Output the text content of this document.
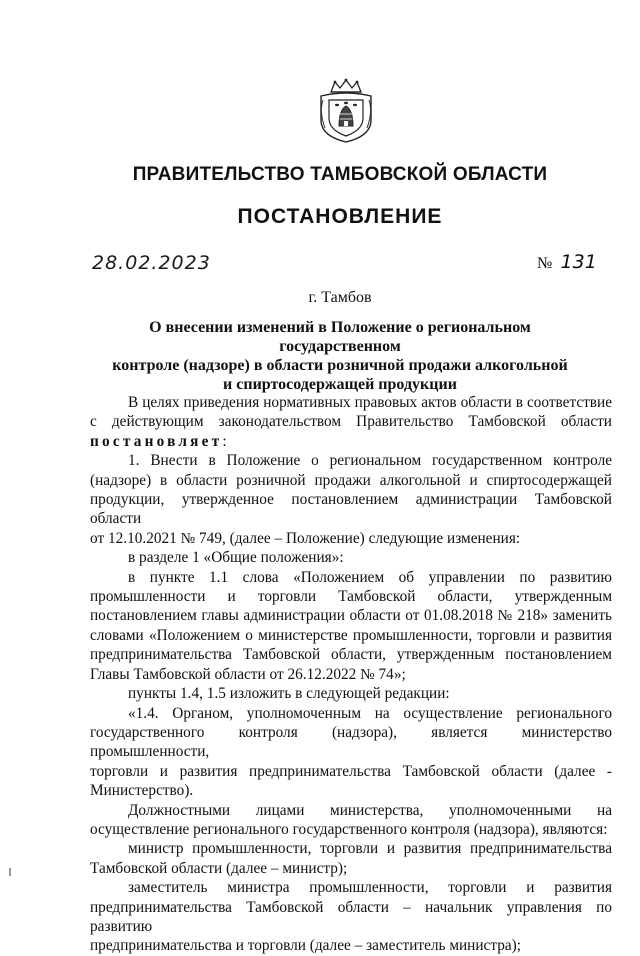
ПРАВИТЕЛЬСТВО ТАМБОВСКОЙ ОБЛАСТИ
ПОСТАНОВЛЕНИЕ
28.02.2023	№ 131
г. Тамбов
О внесении изменений в Положение о региональном государственном
контроле (надзоре) в области розничной продажи алкогольной
и спиртосодержащей продукции

В целях приведения нормативных правовых актов области в соответствие

с действующим законодательством Правительство Тамбовской области

постановляет:

1. Внести в Положение о региональном государственном контроле

(надзоре) в области розничной продажи алкогольной и спиртосодержащей

продукции, утвержденное постановлением администрации Тамбовской области

от 12.10.2021 № 749, (далее – Положение) следующие изменения:

в разделе 1 «Общие положения»:

в пункте 1.1 слова «Положением об управлении по развитию

промышленности и торговли Тамбовской области, утвержденным

постановлением главы администрации области от 01.08.2018 № 218» заменить

словами «Положением о министерстве промышленности, торговли и развития

предпринимательства Тамбовской области, утвержденным постановлением

Главы Тамбовской области от 26.12.2022 № 74»;

пункты 1.4, 1.5 изложить в следующей редакции:

«1.4. Органом, уполномоченным на осуществление регионального

государственного контроля (надзора), является министерство промышленности,

торговли и развития предпринимательства Тамбовской области (далее -

Министерство).

Должностными лицами министерства, уполномоченными на

осуществление регионального государственного контроля (надзора), являются:

министр промышленности, торговли и развития предпринимательства

Тамбовской области (далее – министр);

заместитель министра промышленности, торговли и развития

предпринимательства Тамбовской области – начальник управления по развитию

предпринимательства и торговли (далее – заместитель министра);
